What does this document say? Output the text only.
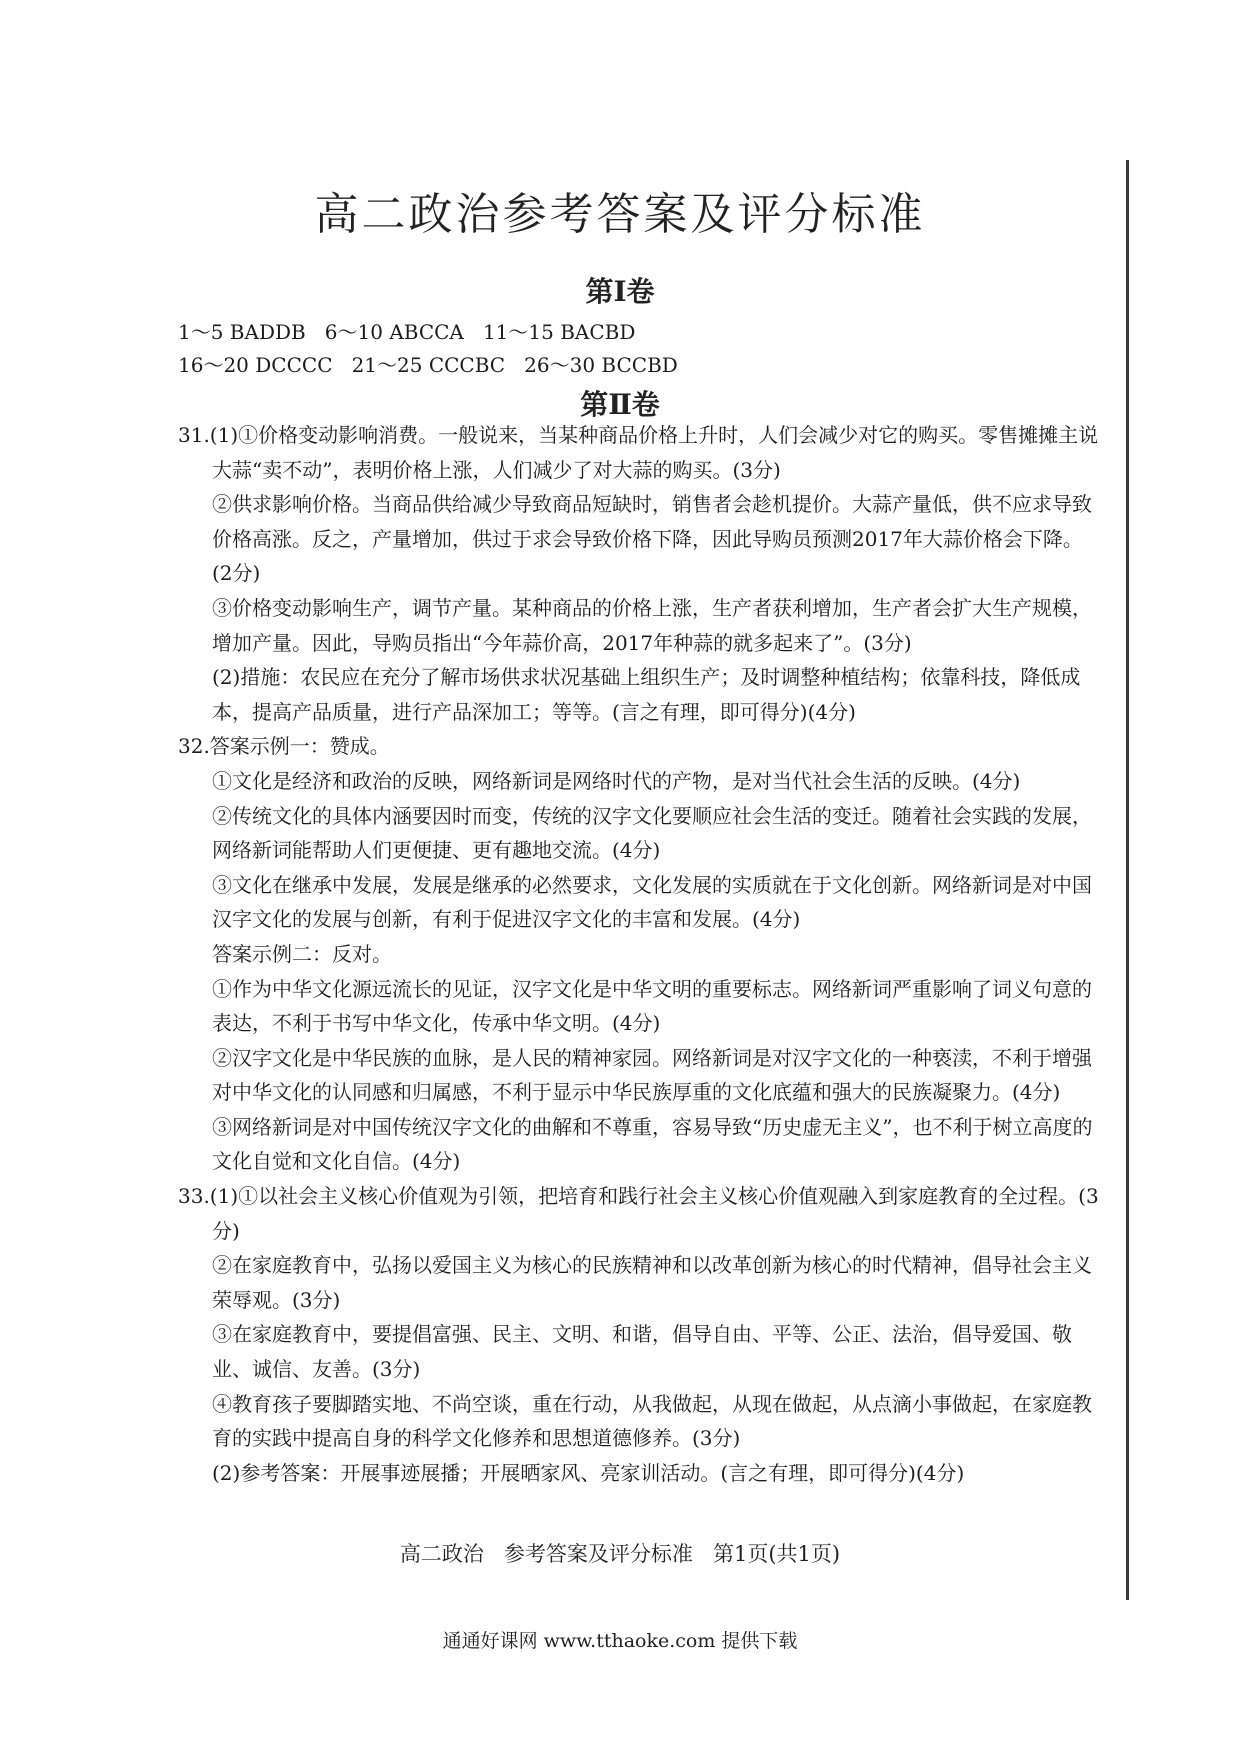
高二政治参考答案及评分标准
第Ⅰ卷
1～5 BADDB   6～10 ABCCA   11～15 BACBD
16～20 DCCCC   21～25 CCCBC   26～30 BCCBD
第Ⅱ卷

31.(1)①价格变动影响消费。一般说来，当某种商品价格上升时，人们会减少对它的购买。零售摊摊主说大蒜“卖不动”，表明价格上涨，人们减少了对大蒜的购买。(3分)

②供求影响价格。当商品供给减少导致商品短缺时，销售者会趁机提价。大蒜产量低，供不应求导致价格高涨。反之，产量增加，供过于求会导致价格下降，因此导购员预测2017年大蒜价格会下降。(2分)

③价格变动影响生产，调节产量。某种商品的价格上涨，生产者获利增加，生产者会扩大生产规模，增加产量。因此，导购员指出“今年蒜价高，2017年种蒜的就多起来了”。(3分)

(2)措施：农民应在充分了解市场供求状况基础上组织生产；及时调整种植结构；依靠科技，降低成本，提高产品质量，进行产品深加工；等等。(言之有理，即可得分)(4分)

32.答案示例一：赞成。

①文化是经济和政治的反映，网络新词是网络时代的产物，是对当代社会生活的反映。(4分)

②传统文化的具体内涵要因时而变，传统的汉字文化要顺应社会生活的变迁。随着社会实践的发展，网络新词能帮助人们更便捷、更有趣地交流。(4分)

③文化在继承中发展，发展是继承的必然要求，文化发展的实质就在于文化创新。网络新词是对中国汉字文化的发展与创新，有利于促进汉字文化的丰富和发展。(4分)

答案示例二：反对。

①作为中华文化源远流长的见证，汉字文化是中华文明的重要标志。网络新词严重影响了词义句意的表达，不利于书写中华文化，传承中华文明。(4分)

②汉字文化是中华民族的血脉，是人民的精神家园。网络新词是对汉字文化的一种亵渎，不利于增强对中华文化的认同感和归属感，不利于显示中华民族厚重的文化底蕴和强大的民族凝聚力。(4分)

③网络新词是对中国传统汉字文化的曲解和不尊重，容易导致“历史虚无主义”，也不利于树立高度的文化自觉和文化自信。(4分)

33.(1)①以社会主义核心价值观为引领，把培育和践行社会主义核心价值观融入到家庭教育的全过程。(3分)

②在家庭教育中，弘扬以爱国主义为核心的民族精神和以改革创新为核心的时代精神，倡导社会主义荣辱观。(3分)

③在家庭教育中，要提倡富强、民主、文明、和谐，倡导自由、平等、公正、法治，倡导爱国、敬业、诚信、友善。(3分)

④教育孩子要脚踏实地、不尚空谈，重在行动，从我做起，从现在做起，从点滴小事做起，在家庭教育的实践中提高自身的科学文化修养和思想道德修养。(3分)

(2)参考答案：开展事迹展播；开展晒家风、亮家训活动。(言之有理，即可得分)(4分)

高二政治   参考答案及评分标准   第1页(共1页)
通通好课网 www.tthaoke.com 提供下载
